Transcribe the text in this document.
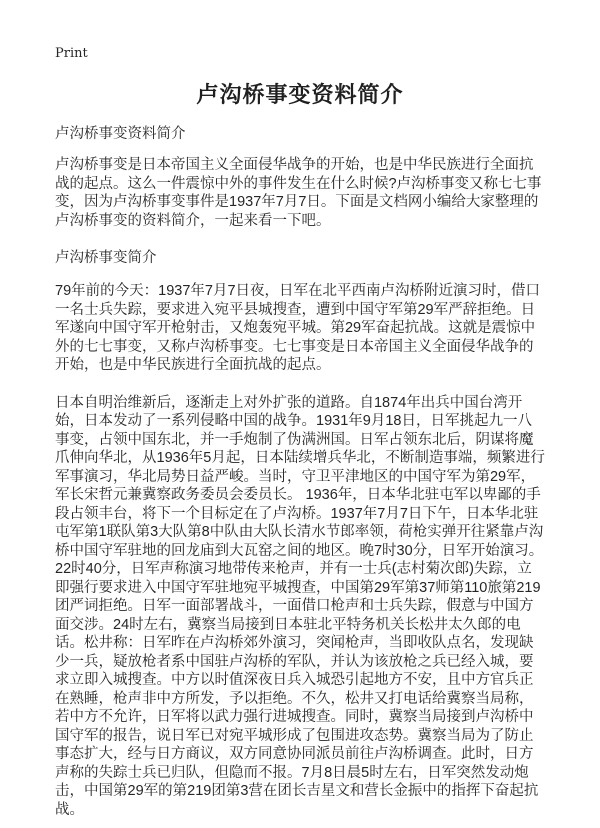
Print
卢沟桥事变资料简介
卢沟桥事变资料简介

卢沟桥事变是日本帝国主义全面侵华战争的开始，也是中华民族进行全面抗战的起点。这么一件震惊中外的事件发生在什么时候?卢沟桥事变又称七七事变，因为卢沟桥事变事件是1937年7月7日。下面是文档网小编给大家整理的卢沟桥事变的资料简介，一起来看一下吧。

卢沟桥事变简介

79年前的今天：1937年7月7日夜，日军在北平西南卢沟桥附近演习时，借口一名士兵失踪，要求进入宛平县城搜查，遭到中国守军第29军严辞拒绝。日军遂向中国守军开枪射击，又炮轰宛平城。第29军奋起抗战。这就是震惊中外的七七事变，又称卢沟桥事变。七七事变是日本帝国主义全面侵华战争的开始，也是中华民族进行全面抗战的起点。

日本自明治维新后，逐渐走上对外扩张的道路。自1874年出兵中国台湾开始，日本发动了一系列侵略中国的战争。1931年9月18日，日军挑起九一八事变，占领中国东北，并一手炮制了伪满洲国。日军占领东北后，阴谋将魔爪伸向华北，从1936年5月起，日本陆续增兵华北，不断制造事端，频繁进行军事演习，华北局势日益严峻。当时，守卫平津地区的中国守军为第29军，军长宋哲元兼冀察政务委员会委员长。 1936年，日本华北驻屯军以卑鄙的手段占领丰台，将下一个目标定在了卢沟桥。1937年7月7日下午，日本华北驻屯军第1联队第3大队第8中队由大队长清水节郎率领，荷枪实弹开往紧靠卢沟桥中国守军驻地的回龙庙到大瓦窑之间的地区。晚7时30分，日军开始演习。22时40分，日军声称演习地带传来枪声，并有一士兵(志村菊次郎)失踪，立即强行要求进入中国守军驻地宛平城搜查，中国第29军第37师第110旅第219团严词拒绝。日军一面部署战斗，一面借口枪声和士兵失踪，假意与中国方面交涉。24时左右，冀察当局接到日本驻北平特务机关长松井太久郎的电话。松井称：日军昨在卢沟桥郊外演习，突闻枪声，当即收队点名，发现缺少一兵，疑放枪者系中国驻卢沟桥的军队，并认为该放枪之兵已经入城，要求立即入城搜查。中方以时值深夜日兵入城恐引起地方不安，且中方官兵正在熟睡，枪声非中方所发，予以拒绝。不久，松井又打电话给冀察当局称，若中方不允许，日军将以武力强行进城搜查。同时，冀察当局接到卢沟桥中国守军的报告，说日军已对宛平城形成了包围进攻态势。冀察当局为了防止事态扩大，经与日方商议，双方同意协同派员前往卢沟桥调查。此时，日方声称的失踪士兵已归队，但隐而不报。7月8日晨5时左右，日军突然发动炮击，中国第29军的第219团第3营在团长吉星文和营长金振中的指挥下奋起抗战。
